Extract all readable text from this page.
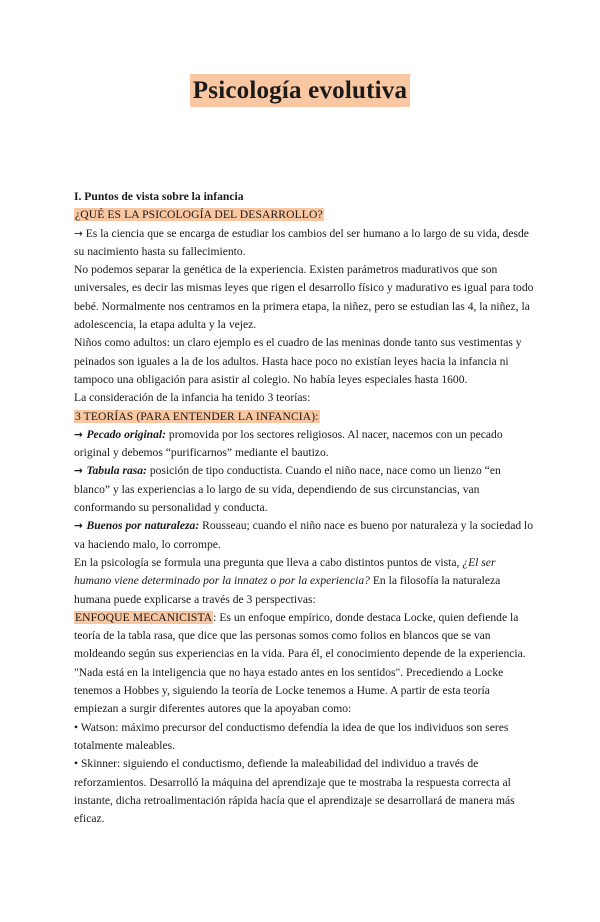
Psicología evolutiva

I. Puntos de vista sobre la infancia

¿QUÉ ES LA PSICOLOGÍA DEL DESARROLLO?

→ Es la ciencia que se encarga de estudiar los cambios del ser humano a lo largo de su vida, desde su nacimiento hasta su fallecimiento.

No podemos separar la genética de la experiencia. Existen parámetros madurativos que son universales, es decir las mismas leyes que rigen el desarrollo físico y madurativo es igual para todo bebé. Normalmente nos centramos en la primera etapa, la niñez, pero se estudian las 4, la niñez, la adolescencia, la etapa adulta y la vejez.

Niños como adultos: un claro ejemplo es el cuadro de las meninas donde tanto sus vestimentas y peinados son iguales a la de los adultos. Hasta hace poco no existían leyes hacia la infancia ni tampoco una obligación para asistir al colegio. No había leyes especiales hasta 1600.

La consideración de la infancia ha tenido 3 teorías:

3 TEORÍAS (PARA ENTENDER LA INFANCIA):

→ Pecado original: promovida por los sectores religiosos. Al nacer, nacemos con un pecado original y debemos “purificarnos” mediante el bautizo.

→ Tabula rasa: posición de tipo conductista. Cuando el niño nace, nace como un lienzo “en blanco” y las experiencias a lo largo de su vida, dependiendo de sus circunstancias, van conformando su personalidad y conducta.

→ Buenos por naturaleza: Rousseau; cuando el niño nace es bueno por naturaleza y la sociedad lo va haciendo malo, lo corrompe.

En la psicología se formula una pregunta que lleva a cabo distintos puntos de vista, ¿El ser humano viene determinado por la innatez o por la experiencia? En la filosofía la naturaleza humana puede explicarse a través de 3 perspectivas:

ENFOQUE MECANICISTA: Es un enfoque empírico, donde destaca Locke, quien defiende la teoría de la tabla rasa, que dice que las personas somos como folios en blancos que se van moldeando según sus experiencias en la vida. Para él, el conocimiento depende de la experiencia. "Nada está en la inteligencia que no haya estado antes en los sentidos". Precediendo a Locke tenemos a Hobbes y, siguiendo la teoría de Locke tenemos a Hume. A partir de esta teoría empiezan a surgir diferentes autores que la apoyaban como:

• Watson: máximo precursor del conductismo defendía la idea de que los individuos son seres totalmente maleables.

• Skinner: siguiendo el conductismo, defiende la maleabilidad del individuo a través de reforzamientos. Desarrolló la máquina del aprendizaje que te mostraba la respuesta correcta al instante, dicha retroalimentación rápida hacía que el aprendizaje se desarrollará de manera más eficaz.
